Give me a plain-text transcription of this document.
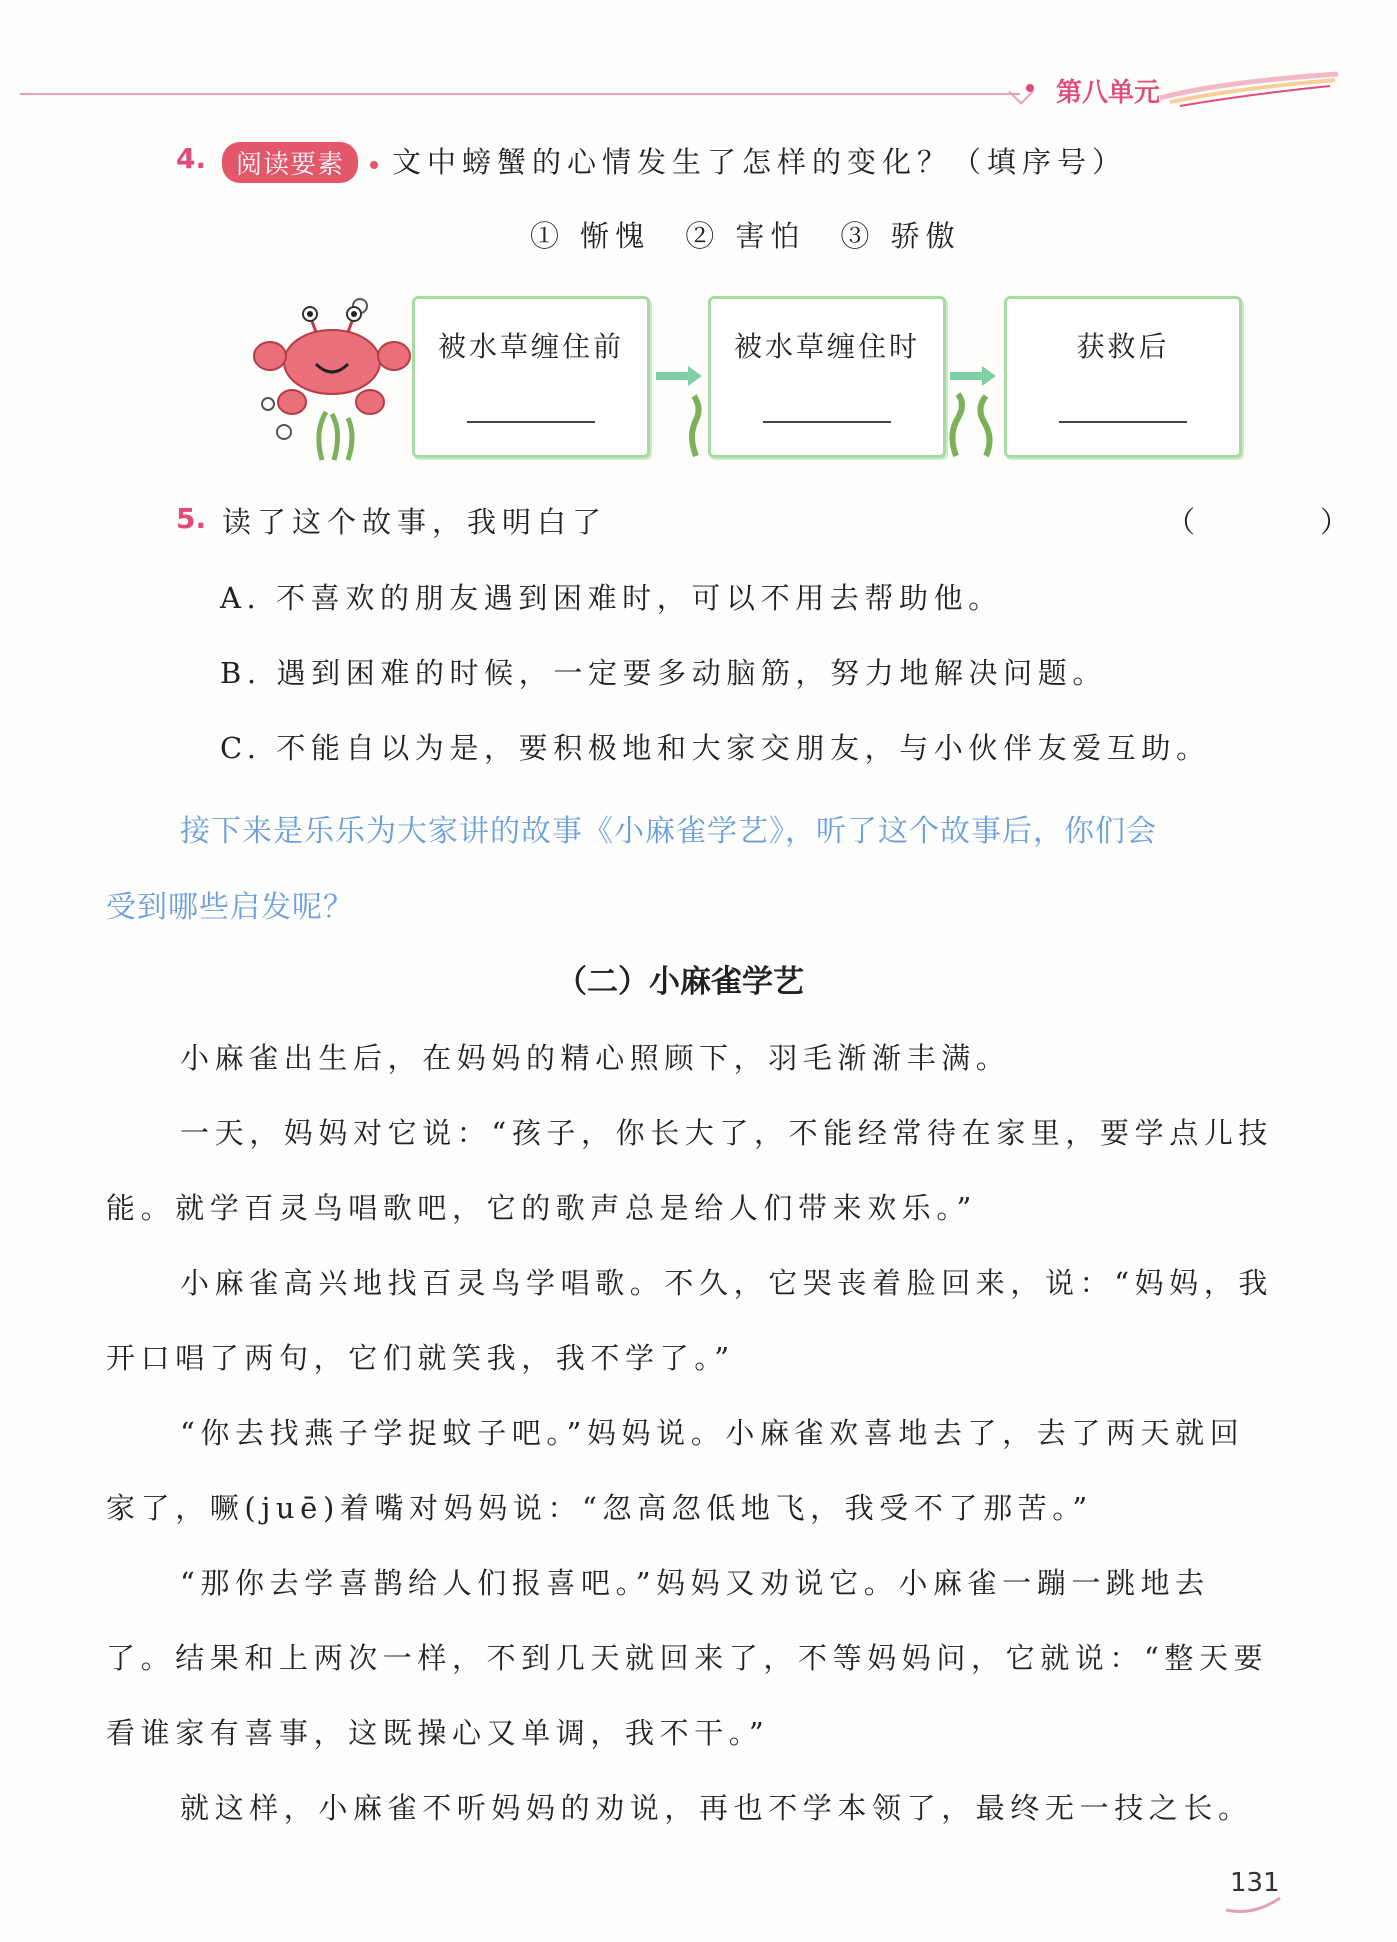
第八单元
4.	阅读要素	文中螃蟹的心情发生了怎样的变化？（填序号）
① 惭愧　② 害怕　③ 骄傲
被水草缠住前	被水草缠住时	获救后
5. 读了这个故事，我明白了	（　）
A. 不喜欢的朋友遇到困难时，可以不用去帮助他。
B. 遇到困难的时候，一定要多动脑筋，努力地解决问题。
C. 不能自以为是，要积极地和大家交朋友，与小伙伴友爱互助。
接下来是乐乐为大家讲的故事《小麻雀学艺》，听了这个故事后，你们会
受到哪些启发呢？
（二）小麻雀学艺
小麻雀出生后，在妈妈的精心照顾下，羽毛渐渐丰满。
一天，妈妈对它说：“孩子，你长大了，不能经常待在家里，要学点儿技
能。就学百灵鸟唱歌吧，它的歌声总是给人们带来欢乐。”
小麻雀高兴地找百灵鸟学唱歌。不久，它哭丧着脸回来，说：“妈妈，我
开口唱了两句，它们就笑我，我不学了。”
“你去找燕子学捉蚊子吧。”妈妈说。小麻雀欢喜地去了，去了两天就回
家了，噘(juē)着嘴对妈妈说：“忽高忽低地飞，我受不了那苦。”
“那你去学喜鹊给人们报喜吧。”妈妈又劝说它。小麻雀一蹦一跳地去
了。结果和上两次一样，不到几天就回来了，不等妈妈问，它就说：“整天要
看谁家有喜事，这既操心又单调，我不干。”
就这样，小麻雀不听妈妈的劝说，再也不学本领了，最终无一技之长。
131
